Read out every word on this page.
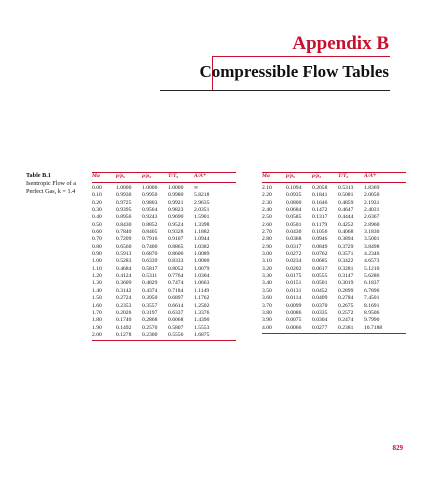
Appendix B
Compressible Flow Tables
Table B.1
Isentropic Flow of a Perfect Gas, k = 1.4
Ma	p/p₀	ρ/ρ₀	T/T₀	A/A*
0.00	1.0000	1.0000	1.0000	∞
0.10	0.9930	0.9950	0.9980	5.8218
0.20	0.9725	0.9803	0.9921	2.9635
0.30	0.9395	0.9564	0.9823	2.0351
0.40	0.8956	0.9243	0.9690	1.5901
0.50	0.8430	0.8852	0.9524	1.3398
0.60	0.7840	0.8405	0.9328	1.1882
0.70	0.7209	0.7916	0.9107	1.0944
0.80	0.6560	0.7400	0.8865	1.0382
0.90	0.5913	0.6870	0.8606	1.0089
1.00	0.5283	0.6339	0.8333	1.0000
1.10	0.4684	0.5817	0.8052	1.0079
1.20	0.4124	0.5311	0.7764	1.0304
1.30	0.3609	0.4829	0.7474	1.0663
1.40	0.3142	0.4374	0.7184	1.1149
1.50	0.2724	0.3950	0.6897	1.1762
1.60	0.2353	0.3557	0.6614	1.2502
1.70	0.2026	0.3197	0.6337	1.3376
1.80	0.1740	0.2868	0.6068	1.4390
1.90	0.1492	0.2570	0.5807	1.5553
2.00	0.1278	0.2300	0.5556	1.6875
Ma	p/p₀	ρ/ρ₀	T/T₀	A/A*
2.10	0.1094	0.2058	0.5313	1.8369
2.20	0.0935	0.1841	0.5081	2.0050
2.30	0.0800	0.1646	0.4859	2.1931
2.40	0.0684	0.1472	0.4647	2.4031
2.50	0.0585	0.1317	0.4444	2.6367
2.60	0.0501	0.1179	0.4252	2.8960
2.70	0.0430	0.1056	0.4068	3.1830
2.80	0.0368	0.0946	0.3894	3.5001
2.90	0.0317	0.0849	0.3729	3.8498
3.00	0.0272	0.0762	0.3571	4.2346
3.10	0.0234	0.0685	0.3422	4.6573
3.20	0.0202	0.0617	0.3281	5.1210
3.30	0.0175	0.0555	0.3147	5.6286
3.40	0.0151	0.0501	0.3019	6.1837
3.50	0.0131	0.0452	0.2899	6.7896
3.60	0.0114	0.0409	0.2784	7.4501
3.70	0.0099	0.0370	0.2675	8.1691
3.80	0.0086	0.0335	0.2572	8.9506
3.90	0.0075	0.0304	0.2474	9.7990
4.00	0.0066	0.0277	0.2381	10.7188
829
